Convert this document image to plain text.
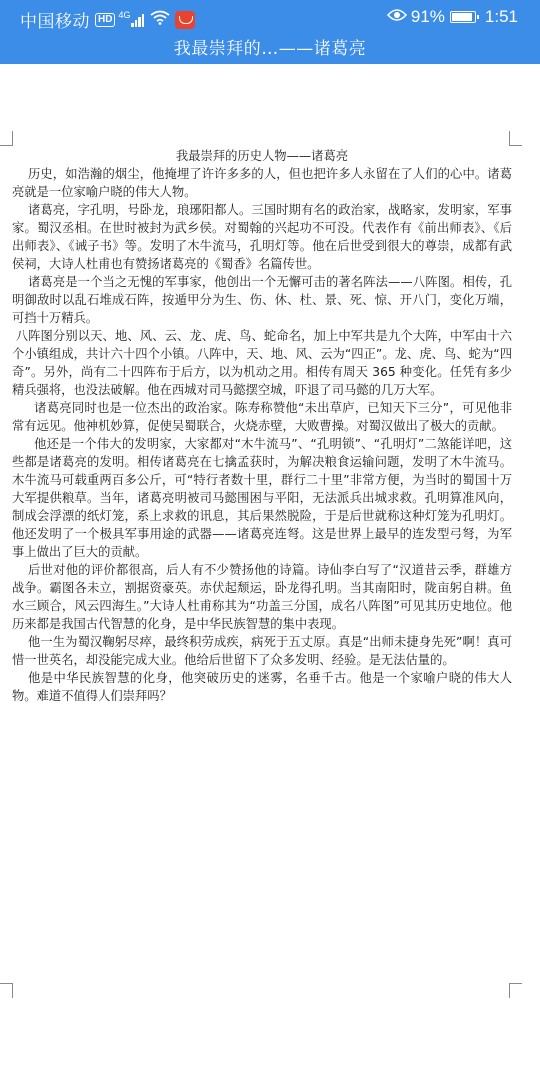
中国移动 HD 4G	91% 1:51
我最崇拜的…——诸葛亮

我最崇拜的历史人物——诸葛亮

历史，如浩瀚的烟尘，他掩埋了许许多多的人，但也把许多人永留在了人们的心中。诸葛亮就是一位家喻户晓的伟大人物。

诸葛亮，字孔明，号卧龙，琅琊阳都人。三国时期有名的政治家，战略家，发明家，军事家。蜀汉丞相。在世时被封为武乡侯。对蜀翰的兴起功不可没。代表作有《前出师表》、《后出师表》、《诫子书》等。发明了木牛流马，孔明灯等。他在后世受到很大的尊崇，成都有武侯祠，大诗人杜甫也有赞扬诸葛亮的《蜀香》名篇传世。

诸葛亮是一个当之无愧的军事家，他创出一个无懈可击的著名阵法——八阵图。相传，孔明御敌时以乱石堆成石阵，按遁甲分为生、伤、休、杜、景、死、惊、开八门，变化万端，可挡十万精兵。

八阵图分别以天、地、风、云、龙、虎、鸟、蛇命名，加上中军共是九个大阵，中军由十六个小镇组成，共计六十四个小镇。八阵中，天、地、风、云为“四正”。龙、虎、鸟、蛇为“四奇”。另外，尚有二十四阵布于后方，以为机动之用。相传有周天 365 种变化。任凭有多少精兵强将，也没法破解。他在西城对司马懿摆空城，吓退了司马懿的几万大军。

诸葛亮同时也是一位杰出的政治家。陈寿称赞他“未出草庐，已知天下三分”，可见他非常有远见。他神机妙算，促使吴蜀联合，火烧赤壁，大败曹操。对蜀汉做出了极大的贡献。

他还是一个伟大的发明家，大家都对“木牛流马”、“孔明锁”、“孔明灯”二煞能详吧，这些都是诸葛亮的发明。相传诸葛亮在七擒孟获时，为解决粮食运输问题，发明了木牛流马。木牛流马可载重两百多公斤，可“特行者数十里，群行二十里”非常方便，为当时的蜀国十万大军提供粮草。当年，诸葛亮明被司马懿围困与平阳，无法派兵出城求救。孔明算准风向，制成会浮漂的纸灯笼，系上求救的讯息，其后果然脱险，于是后世就称这种灯笼为孔明灯。他还发明了一个极具军事用途的武器——诸葛亮连弩。这是世界上最早的连发型弓弩，为军事上做出了巨大的贡献。

后世对他的评价都很高，后人有不少赞扬他的诗篇。诗仙李白写了“汉道昔云季，群雄方战争。霸图各未立，割据资豪英。赤伏起颓运，卧龙得孔明。当其南阳时，陇亩躬自耕。鱼水三顾合，风云四海生。”大诗人杜甫称其为“功盖三分国，成名八阵图”可见其历史地位。他历来都是我国古代智慧的化身，是中华民族智慧的集中表现。

他一生为蜀汉鞠躬尽瘁，最终积劳成疾，病死于五丈原。真是“出师未捷身先死”啊！真可惜一世英名，却没能完成大业。他给后世留下了众多发明、经验。是无法估量的。

他是中华民族智慧的化身，他突破历史的迷雾，名垂千古。他是一个家喻户晓的伟大人物。难道不值得人们崇拜吗？
